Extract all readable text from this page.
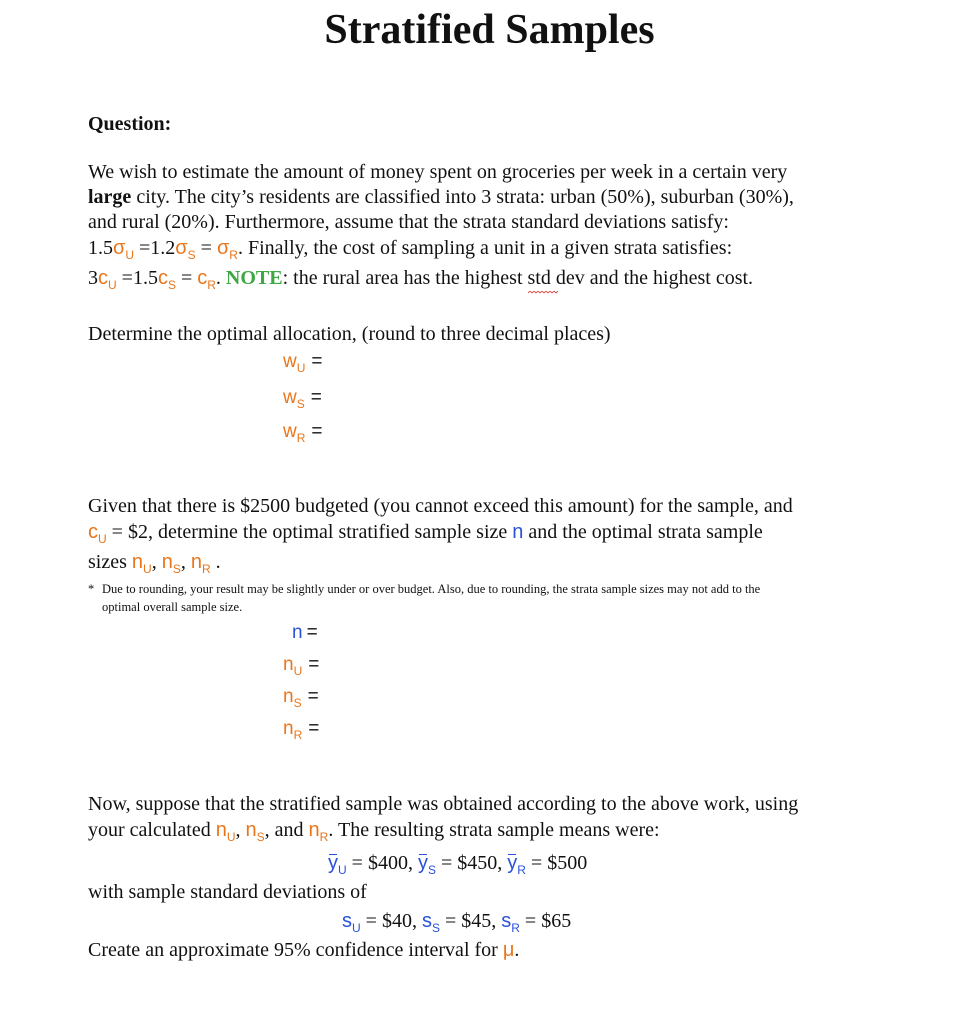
Stratified Samples
Question:
We wish to estimate the amount of money spent on groceries per week in a certain very
large city. The city’s residents are classified into 3 strata: urban (50%), suburban (30%),
and rural (20%). Furthermore, assume that the strata standard deviations satisfy:
$1.5\sigma_U =1.2\sigma_S = \sigma_R$. Finally, the cost of sampling a unit in a given strata satisfies:
$3c_U =1.5c_S = c_R$. NOTE: the rural area has the highest std
dev and the highest cost.
Determine the optimal allocation, (round to three decimal places)
$w_U$ =
$w_S$ =
$w_R$ =
Given that there is $2500 budgeted (you cannot exceed this amount) for the sample, and
$c_U$ = $2, determine the optimal stratified sample size n and the optimal strata sample
sizes $n_U$, $n_S$, $n_R$ .
* Due to rounding, your result may be slightly under or over budget. Also, due to rounding, the strata sample sizes may not add to the
optimal overall sample size.
n =
$n_U$ =
$n_S$ =
$n_R$ =
Now, suppose that the stratified sample was obtained according to the above work, using
your calculated $n_U$, $n_S$, and $n_R$. The resulting strata sample means were:
$y_U$ = $400, $y_S$ = $450, $y_R$ = $500
with sample standard deviations of
$s_U$ = $40, $s_S$ = $45, $s_R$ = $65
Create an approximate 95% confidence interval for μ.
